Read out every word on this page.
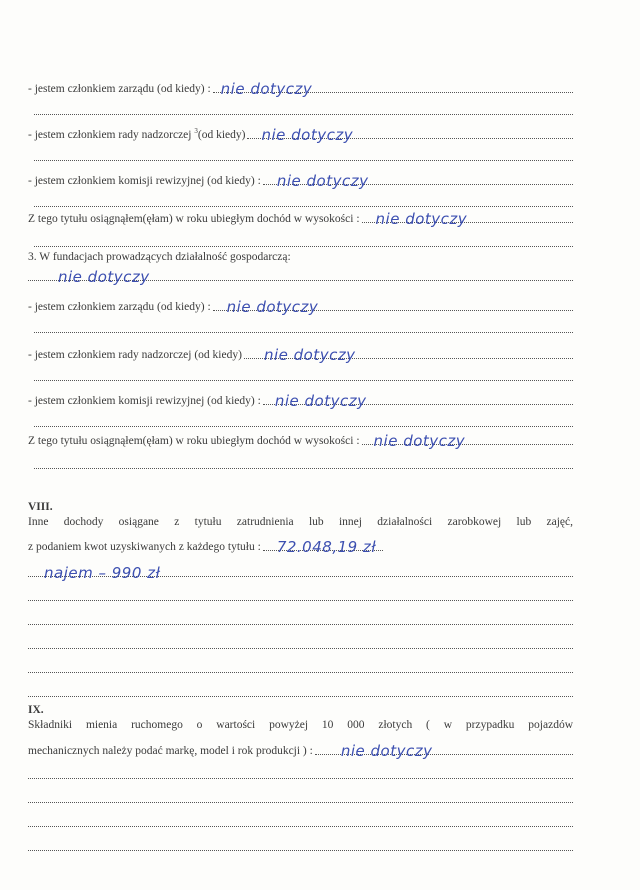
- jestem członkiem zarządu (od kiedy) : nie dotyczy
- jestem członkiem rady nadzorczej $^3$(od kiedy) nie dotyczy
- jestem członkiem komisji rewizyjnej (od kiedy) : nie dotyczy
Z tego tytułu osiągnąłem(ęłam) w roku ubiegłym dochód w wysokości : nie dotyczy
3. W fundacjach prowadzących działalność gospodarczą:
nie dotyczy
- jestem członkiem zarządu (od kiedy) : nie dotyczy
- jestem członkiem rady nadzorczej (od kiedy) nie dotyczy
- jestem członkiem komisji rewizyjnej (od kiedy) : nie dotyczy
Z tego tytułu osiągnąłem(ęłam) w roku ubiegłym dochód w wysokości : nie dotyczy
VIII.
Inne dochody osiągane z tytułu zatrudnienia lub innej działalności zarobkowej lub zajęć,
z podaniem kwot uzyskiwanych z każdego tytułu : 72.048,19 zł
najem – 990 zł
IX.
Składniki mienia ruchomego o wartości powyżej 10 000 złotych ( w przypadku pojazdów
mechanicznych należy podać markę, model i rok produkcji ) : nie dotyczy
